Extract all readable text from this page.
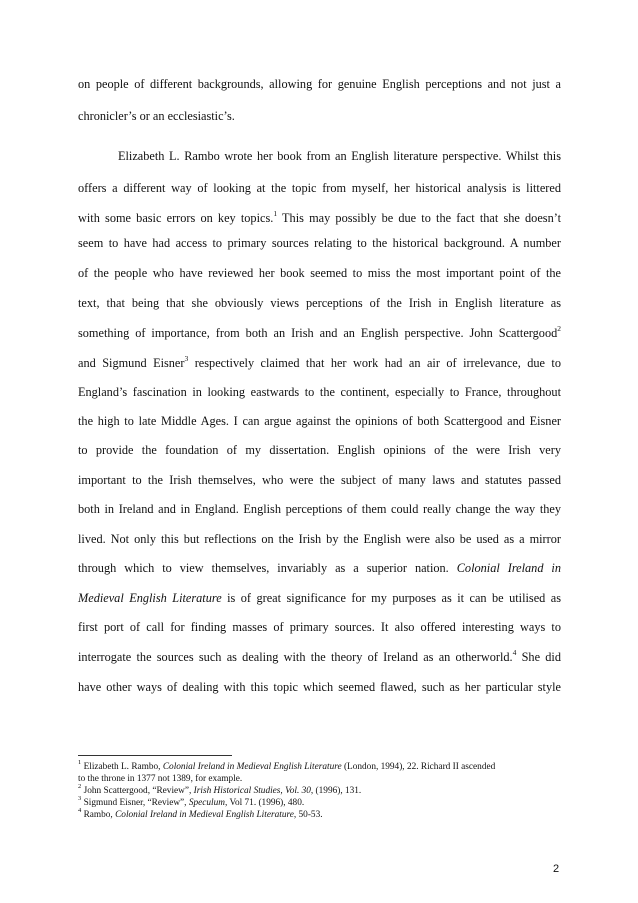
on people of different backgrounds, allowing for genuine English perceptions and not just a
chronicler’s or an ecclesiastic’s.
Elizabeth L. Rambo wrote her book from an English literature perspective. Whilst this
offers a different way of looking at the topic from myself, her historical analysis is littered
with some basic errors on key topics.$^1$ This may possibly be due to the fact that she doesn’t
seem to have had access to primary sources relating to the historical background. A number
of the people who have reviewed her book seemed to miss the most important point of the
text, that being that she obviously views perceptions of the Irish in English literature as
something of importance, from both an Irish and an English perspective. John Scattergood$^2$
and Sigmund Eisner$^3$ respectively claimed that her work had an air of irrelevance, due to
England’s fascination in looking eastwards to the continent, especially to France, throughout
the high to late Middle Ages. I can argue against the opinions of both Scattergood and Eisner
to provide the foundation of my dissertation. English opinions of the were Irish very
important to the Irish themselves, who were the subject of many laws and statutes passed
both in Ireland and in England. English perceptions of them could really change the way they
lived. Not only this but reflections on the Irish by the English were also be used as a mirror
through which to view themselves, invariably as a superior nation. Colonial Ireland in
Medieval English Literature is of great significance for my purposes as it can be utilised as
first port of call for finding masses of primary sources. It also offered interesting ways to
interrogate the sources such as dealing with the theory of Ireland as an otherworld.$^4$ She did
have other ways of dealing with this topic which seemed flawed, such as her particular style
$^1$ Elizabeth L. Rambo, Colonial Ireland in Medieval English Literature (London, 1994), 22. Richard II ascended
to the throne in 1377 not 1389, for example.
$^2$ John Scattergood, “Review”, Irish Historical Studies, Vol. 30, (1996), 131.
$^3$ Sigmund Eisner, “Review”, Speculum, Vol 71. (1996), 480.
$^4$ Rambo, Colonial Ireland in Medieval English Literature, 50-53.
2
